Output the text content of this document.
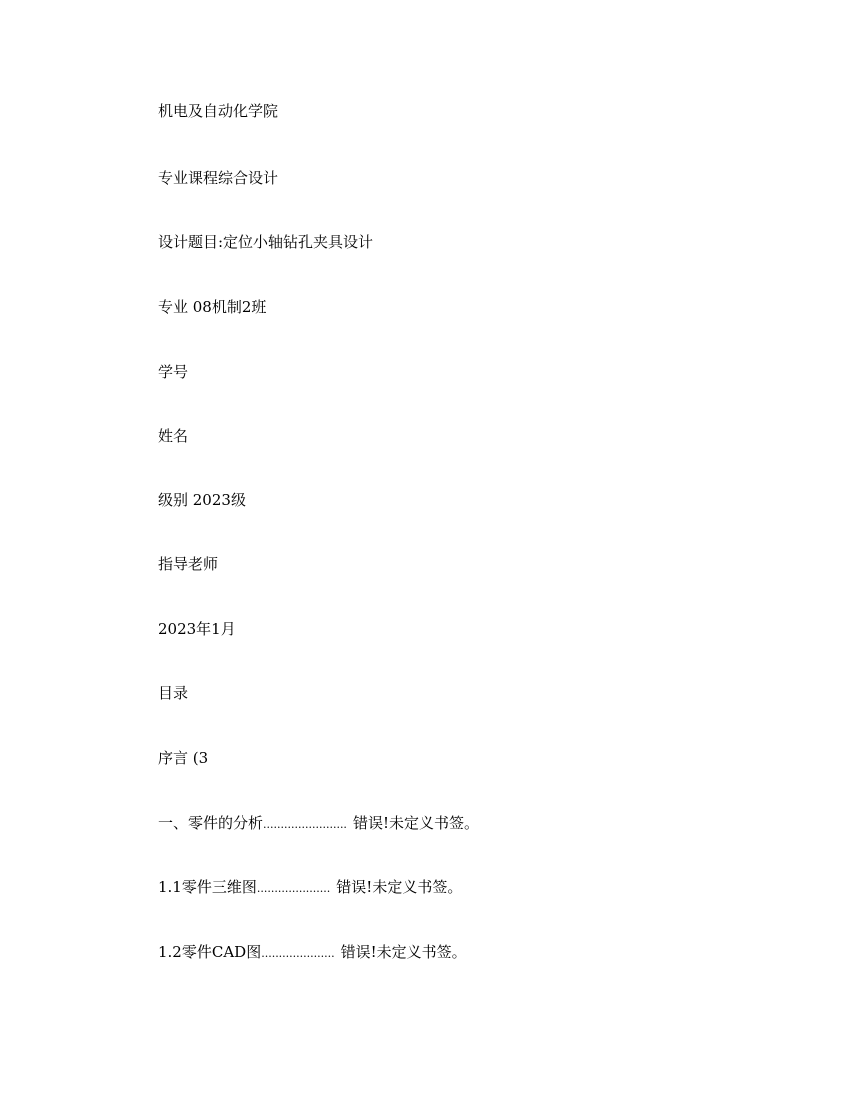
机电及自动化学院
专业课程综合设计
设计题目:定位小轴钻孔夹具设计
专业 08机制2班
学号
姓名
级别 2023级
指导老师
2023年1月
目录
序言 (3
一、零件的分析 ........................ 错误!未定义书签。
1.1零件三维图 ..................... 错误!未定义书签。
1.2零件CAD图 ..................... 错误!未定义书签。
